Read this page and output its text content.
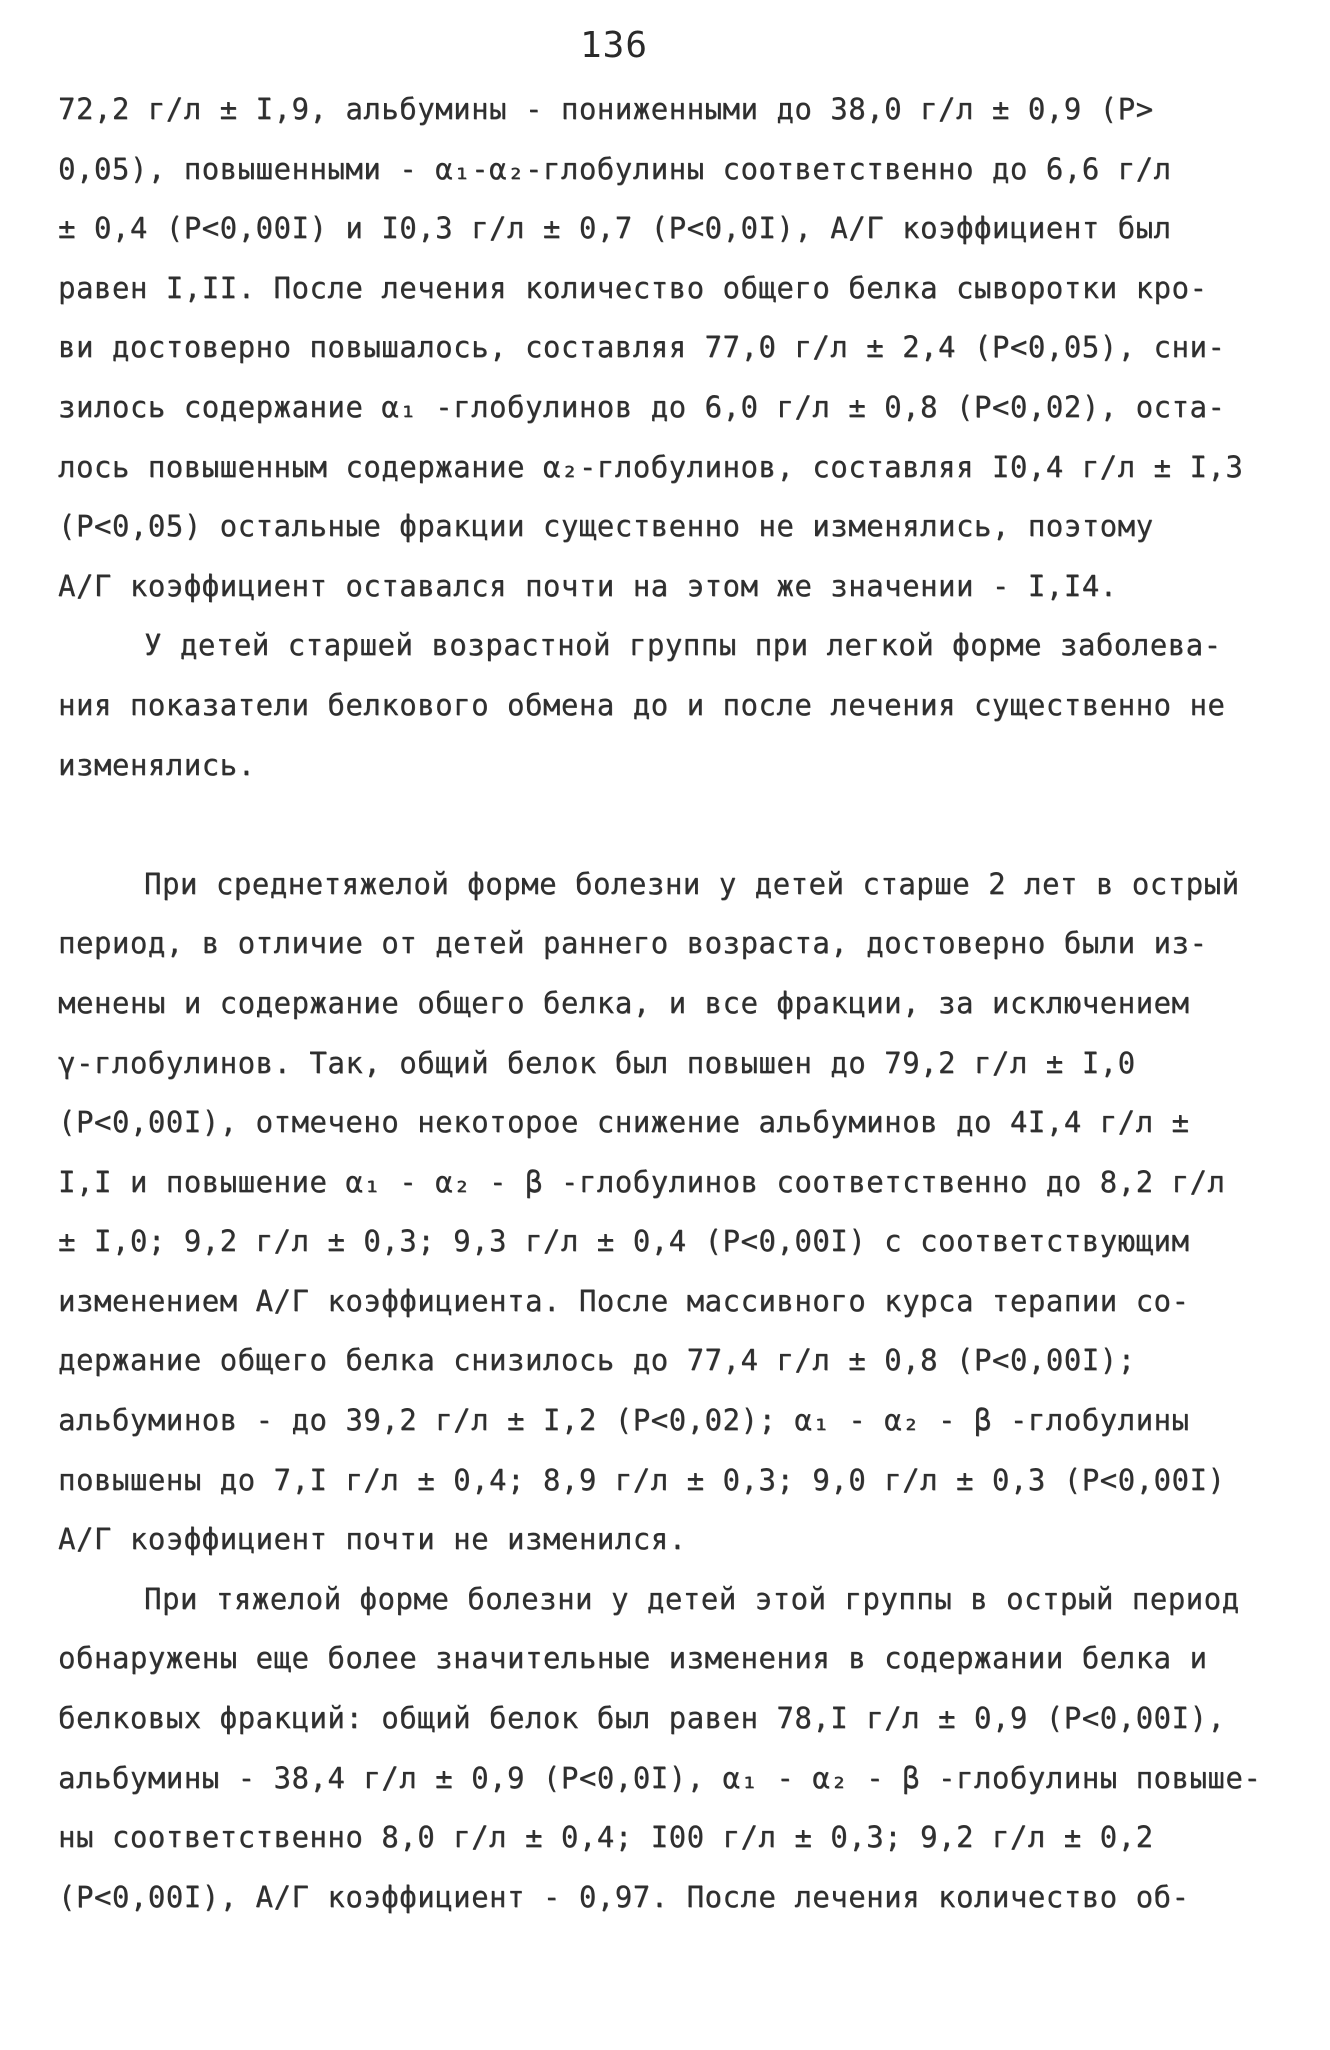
136
72,2 г/л ± I,9, альбумины - пониженными до 38,0 г/л ± 0,9 (Р>
0,05), повышенными - α₁-α₂-глобулины соответственно до 6,6 г/л
± 0,4 (Р<0,00I) и I0,3 г/л ± 0,7 (Р<0,0I), А/Г коэффициент был
равен I,II. После лечения количество общего белка сыворотки кро-
ви достоверно повышалось, составляя 77,0 г/л ± 2,4 (Р<0,05), сни-
зилось содержание α₁ -глобулинов до 6,0 г/л ± 0,8 (Р<0,02), оста-
лось повышенным содержание α₂-глобулинов, составляя I0,4 г/л ± I,3
(Р<0,05) остальные фракции существенно не изменялись, поэтому
А/Г коэффициент оставался почти на этом же значении - I,I4.
У детей старшей возрастной группы при легкой форме заболева-
ния показатели белкового обмена до и после лечения существенно не
изменялись.
При среднетяжелой форме болезни у детей старше 2 лет в острый
период, в отличие от детей раннего возраста, достоверно были из-
менены и содержание общего белка, и все фракции, за исключением
γ-глобулинов. Так, общий белок был повышен до 79,2 г/л ± I,0
(Р<0,00I), отмечено некоторое снижение альбуминов до 4I,4 г/л ±
I,I и повышение α₁ - α₂ - β -глобулинов соответственно до 8,2 г/л
± I,0; 9,2 г/л ± 0,3; 9,3 г/л ± 0,4 (Р<0,00I) с соответствующим
изменением А/Г коэффициента. После массивного курса терапии со-
держание общего белка снизилось до 77,4 г/л ± 0,8 (Р<0,00I);
альбуминов - до 39,2 г/л ± I,2 (Р<0,02); α₁ - α₂ - β -глобулины
повышены до 7,I г/л ± 0,4; 8,9 г/л ± 0,3; 9,0 г/л ± 0,3 (Р<0,00I)
А/Г коэффициент почти не изменился.
При тяжелой форме болезни у детей этой группы в острый период
обнаружены еще более значительные изменения в содержании белка и
белковых фракций: общий белок был равен 78,I г/л ± 0,9 (Р<0,00I),
альбумины - 38,4 г/л ± 0,9 (Р<0,0I), α₁ - α₂ - β -глобулины повыше-
ны соответственно 8,0 г/л ± 0,4; I00 г/л ± 0,3; 9,2 г/л ± 0,2
(Р<0,00I), А/Г коэффициент - 0,97. После лечения количество об-
